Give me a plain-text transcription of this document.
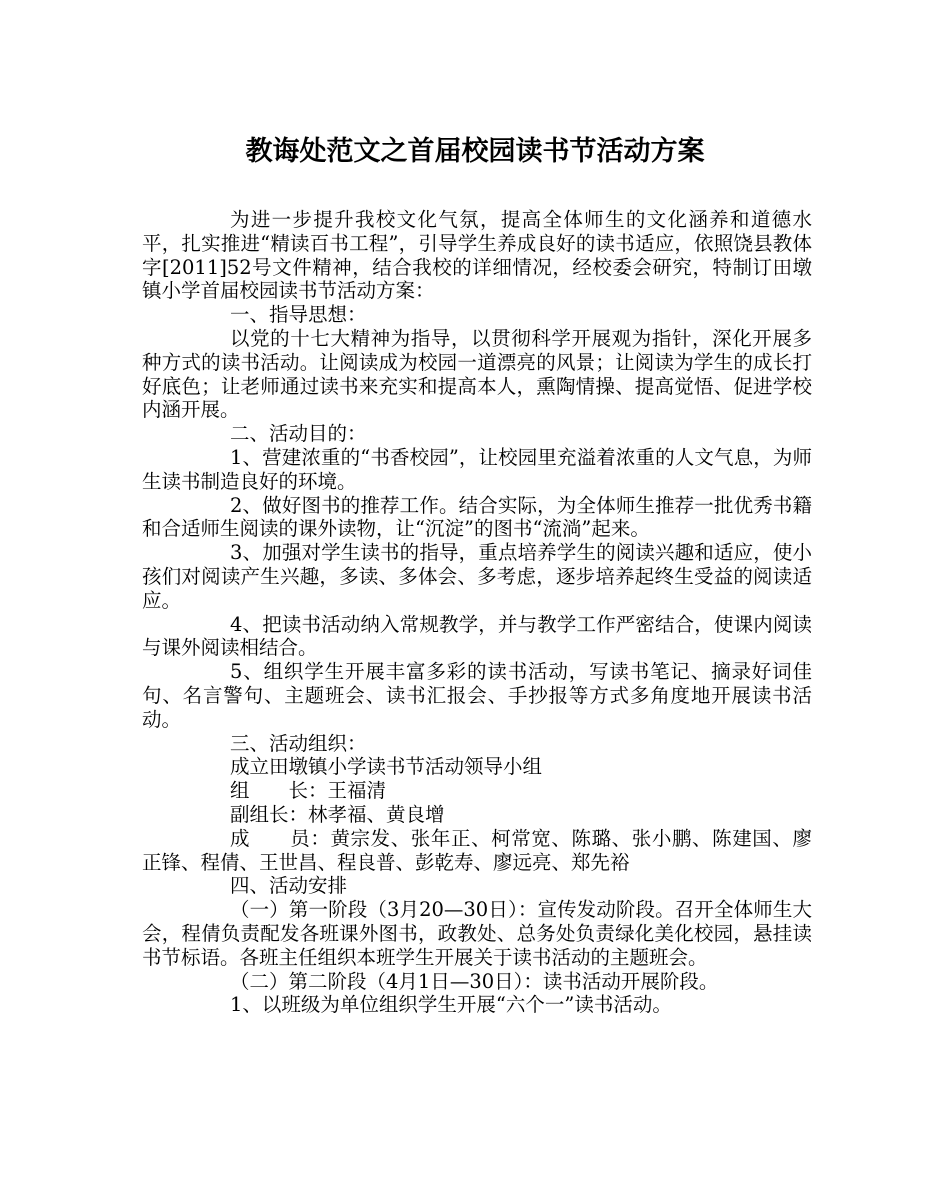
教诲处范文之首届校园读书节活动方案

为进一步提升我校文化气氛，提高全体师生的文化涵养和道德水平，扎实推进“精读百书工程”，引导学生养成良好的读书适应，依照饶县教体字[2011]52号文件精神，结合我校的详细情况，经校委会研究，特制订田墩镇小学首届校园读书节活动方案：

一、指导思想：

以党的十七大精神为指导，以贯彻科学开展观为指针，深化开展多种方式的读书活动。让阅读成为校园一道漂亮的风景；让阅读为学生的成长打好底色；让老师通过读书来充实和提高本人，熏陶情操、提高觉悟、促进学校内涵开展。

二、活动目的：

1、营建浓重的“书香校园”，让校园里充溢着浓重的人文气息，为师生读书制造良好的环境。

2、做好图书的推荐工作。结合实际，为全体师生推荐一批优秀书籍和合适师生阅读的课外读物，让“沉淀”的图书“流淌”起来。

3、加强对学生读书的指导，重点培养学生的阅读兴趣和适应，使小孩们对阅读产生兴趣，多读、多体会、多考虑，逐步培养起终生受益的阅读适应。

4、把读书活动纳入常规教学，并与教学工作严密结合，使课内阅读与课外阅读相结合。

5、组织学生开展丰富多彩的读书活动，写读书笔记、摘录好词佳句、名言警句、主题班会、读书汇报会、手抄报等方式多角度地开展读书活动。

三、活动组织：

成立田墩镇小学读书节活动领导小组

组　　长：王福清

副组长：林孝福、黄良增

成　　员：黄宗发、张年正、柯常宽、陈璐、张小鹏、陈建国、廖正锋、程倩、王世昌、程良普、彭乾寿、廖远亮、郑先裕

四、活动安排

（一）第一阶段（3月20—30日）：宣传发动阶段。召开全体师生大会，程倩负责配发各班课外图书，政教处、总务处负责绿化美化校园，悬挂读书节标语。各班主任组织本班学生开展关于读书活动的主题班会。

（二）第二阶段（4月1日—30日）：读书活动开展阶段。

1、以班级为单位组织学生开展“六个一”读书活动。
